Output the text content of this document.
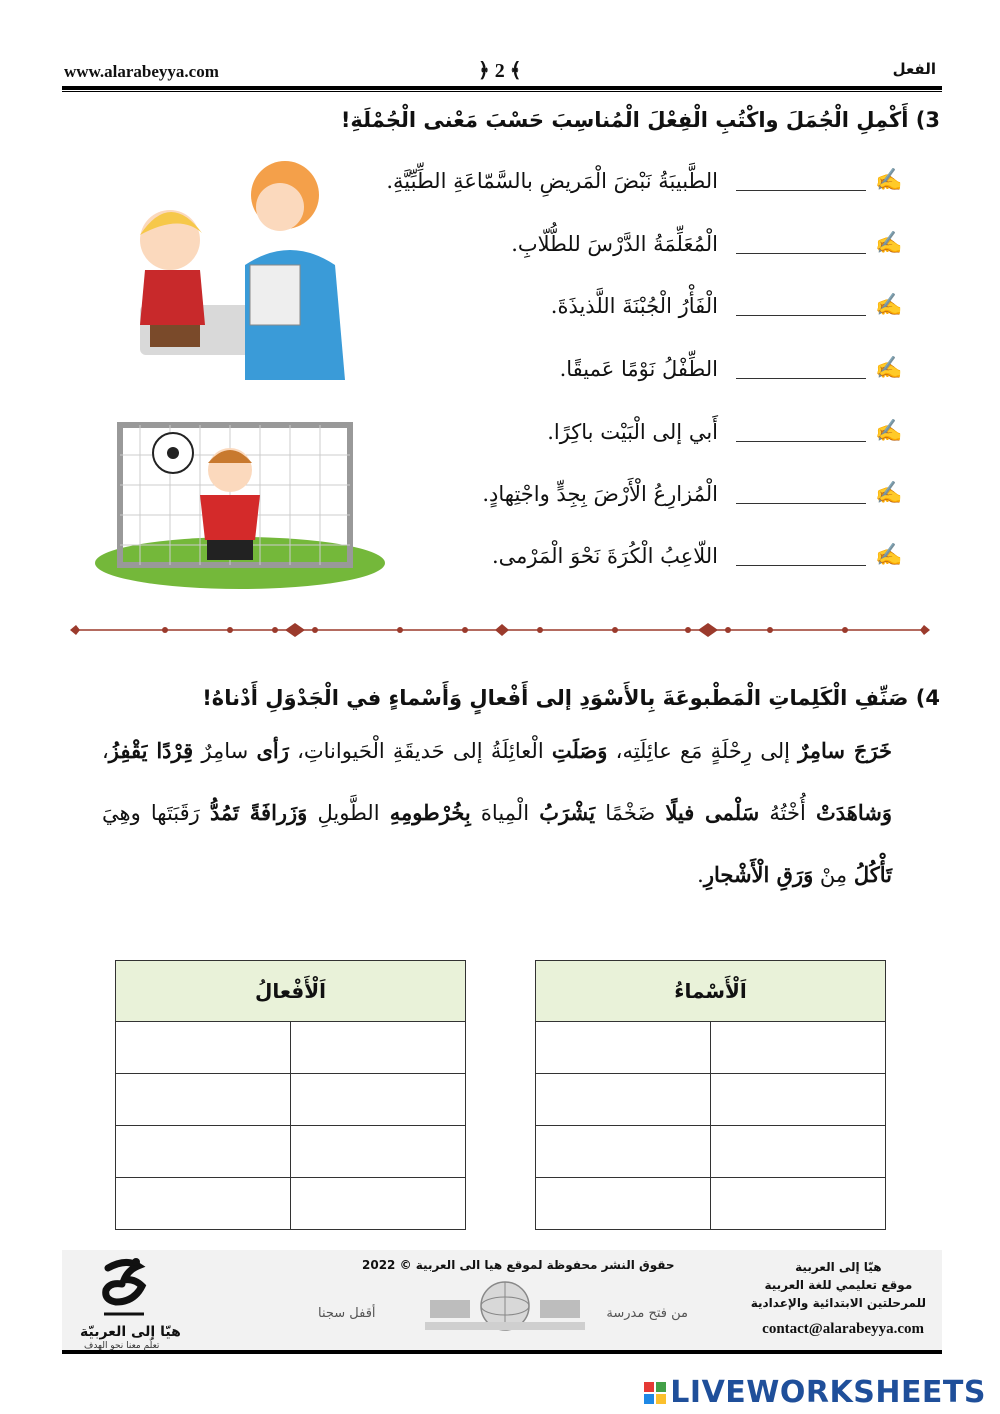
www.alarabeyya.com	﴿ 2 ﴾	الفعل
3) أَكْمِلِ الْجُمَلَ واكْتُبِ الْفِعْلَ الْمُناسِبَ حَسْبَ مَعْنى الْجُمْلَةِ!
✍
الطَّبيبَةُ نَبْضَ الْمَريضِ بالسَّمّاعَةِ الطِّبِّيَّةِ.
✍
الْمُعَلِّمَةُ الدَّرْسَ للطُّلّابِ.
✍
الْفَأْرُ الْجُبْنَةَ اللَّذيذَةَ.
✍
الطِّفْلُ نَوْمًا عَميقًا.
✍
أَبي إلى الْبَيْت باكِرًا.
✍
الْمُزارِعُ الْأَرْضَ بِجِدٍّ واجْتِهادٍ.
✍
اللّاعِبُ الْكُرَةَ نَحْوَ الْمَرْمى.
4) صَنِّفِ الْكَلِماتِ الْمَطْبوعَةَ بِالأَسْوَدِ إلى أَفْعالٍ وَأَسْماءٍ في الْجَدْوَلِ أَدْناهُ!
خَرَجَ سامِرٌ إلى رِحْلَةٍ مَع عائِلَتِه، وَصَلَتِ الْعائِلَةُ إلى حَديقَةِ الْحَيواناتِ، رَأى سامِرٌ قِرْدًا يَقْفِزُ، وَشاهَدَتْ أُخْتُهُ سَلْمى فيلًا ضَخْمًا يَشْرَبُ الْمِياهَ بِخُرْطومِهِ الطَّويلِ وَزَرافَةً تَمُدُّ رَقَبَتَها وهِيَ تَأْكُلُ مِنْ وَرَقِ الْأَشْجارِ.
اَلْأَفْعالُ	

		اَلْأَسْماءُ	

هيّا إلى العربية
موقع تعليمي للغة العربية
للمرحلتين الابتدائية والإعدادية
contact@alarabeyya.com
حقوق النشر محفوظة لموقع هيا الى العربية © 2022
من فتح مدرسة
أقفل سجنا
هيّا إلى العربيّة
تعلّم معنا نحو الهدف
LIVEWORKSHEETS
